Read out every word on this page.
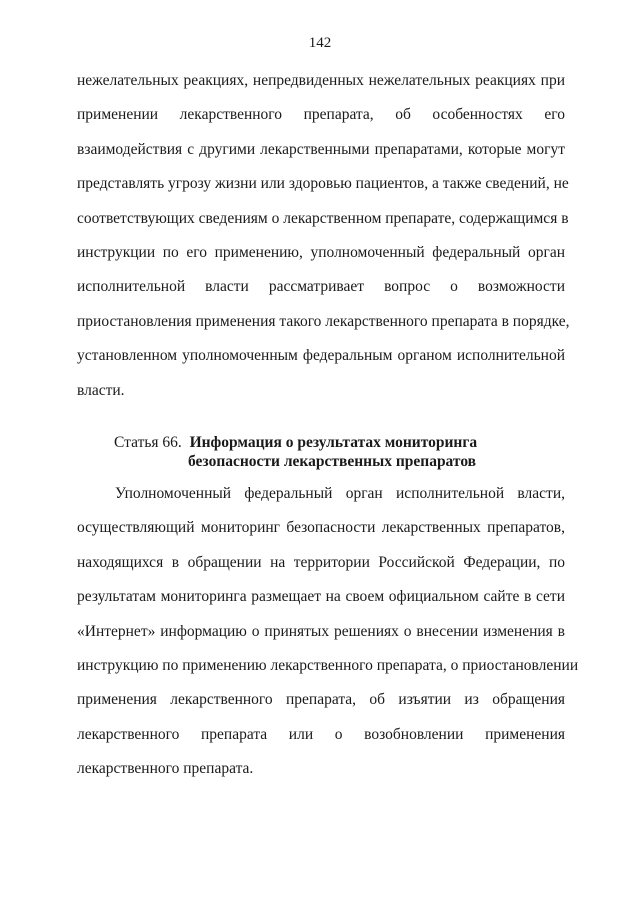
142

нежелательных реакциях, непредвиденных нежелательных реакциях при
применении лекарственного препарата, об особенностях его
взаимодействия с другими лекарственными препаратами, которые могут
представлять угрозу жизни или здоровью пациентов, а также сведений, не
соответствующих сведениям о лекарственном препарате, содержащимся в
инструкции по его применению, уполномоченный федеральный орган
исполнительной власти рассматривает вопрос о возможности
приостановления применения такого лекарственного препарата в порядке,
установленном уполномоченным федеральным органом исполнительной
власти.

Статья 66. Информация о результатах мониторинга
безопасности лекарственных препаратов

Уполномоченный федеральный орган исполнительной власти,
осуществляющий мониторинг безопасности лекарственных препаратов,
находящихся в обращении на территории Российской Федерации, по
результатам мониторинга размещает на своем официальном сайте в сети
«Интернет» информацию о принятых решениях о внесении изменения в
инструкцию по применению лекарственного препарата, о приостановлении
применения лекарственного препарата, об изъятии из обращения
лекарственного препарата или о возобновлении применения
лекарственного препарата.
